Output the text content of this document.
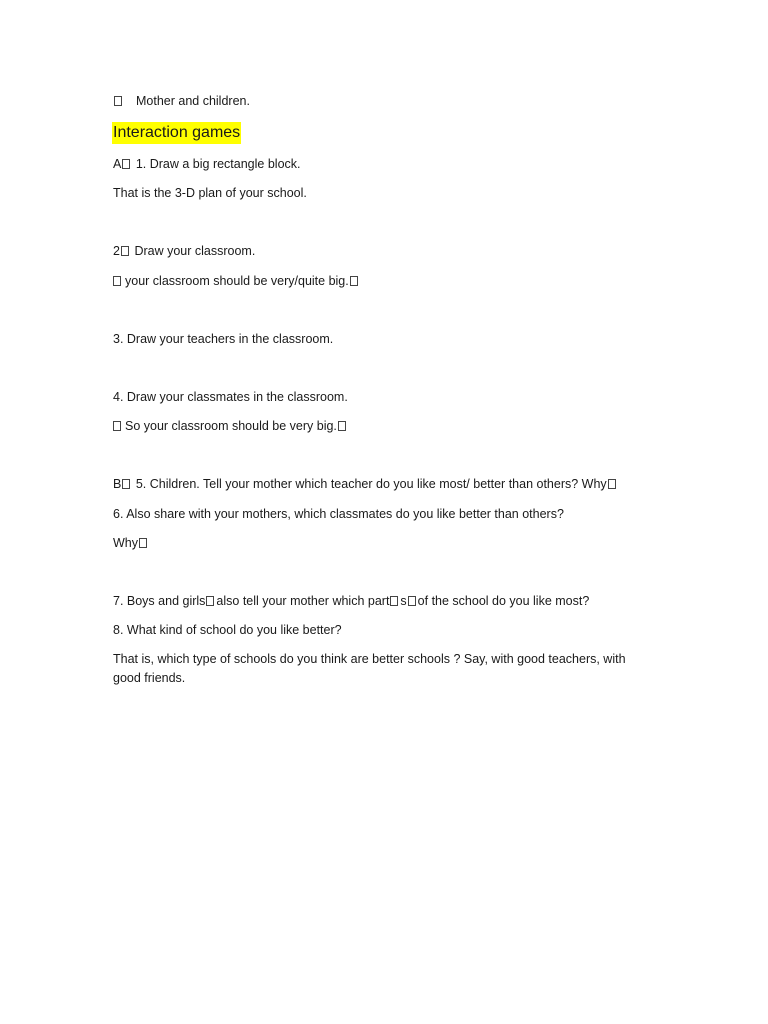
Mother and children.
Interaction games
A 1. Draw a big rectangle block.
That is the 3-D plan of your school.
2 Draw your classroom.
your classroom should be very/quite big.
3. Draw your teachers in the classroom.
4. Draw your classmates in the classroom.
So your classroom should be very big.
B 5. Children. Tell your mother which teacher do you like most/ better than others? Why
6. Also share with your mothers, which classmates do you like better than others?
Why
7. Boys and girls also tell your mother which part s of the school do you like most?
8. What kind of school do you like better?
That is, which type of schools do you think are better schools ? Say, with good teachers, with good friends.
